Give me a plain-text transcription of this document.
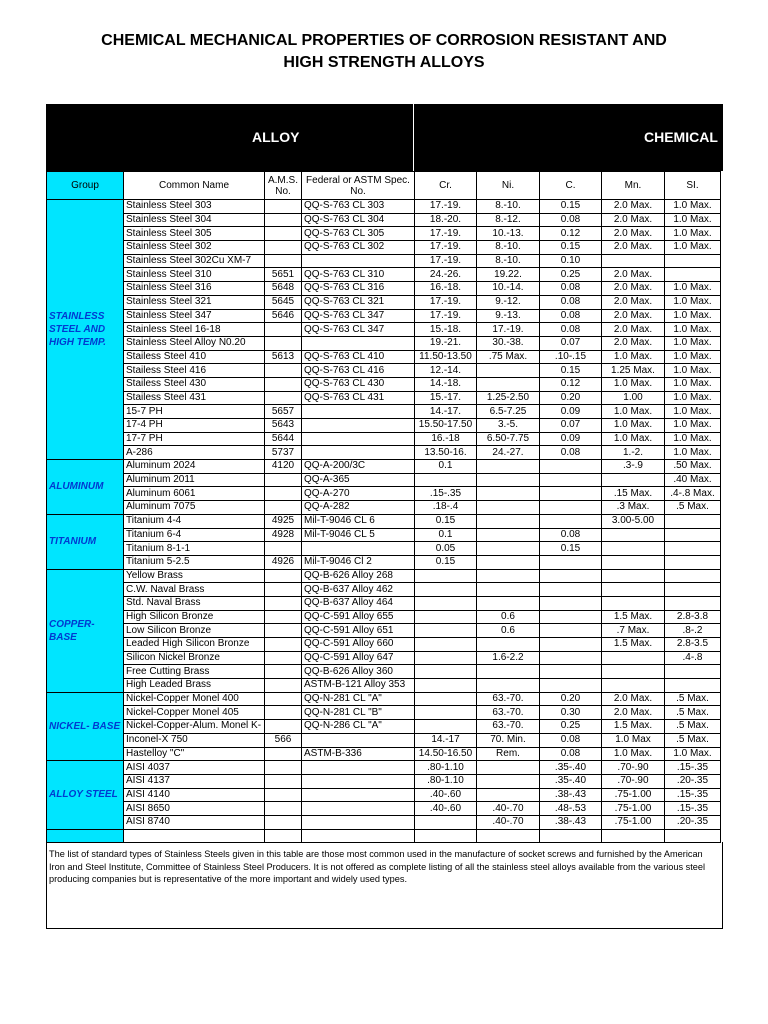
CHEMICAL MECHANICAL PROPERTIES OF CORROSION RESISTANT AND
HIGH STRENGTH ALLOYS
ALLOY	CHEMICAL
Group	Common Name	A.M.S. No.	Federal or ASTM Spec. No.	Cr.	Ni.	C.	Mn.	SI.
STAINLESS STEEL AND HIGH TEMP.	Stainless Steel 303		QQ-S-763 CL 303	17.-19.	8.-10.	0.15	2.0 Max.	1.0 Max.
	Stainless Steel 304		QQ-S-763 CL 304	18.-20.	8.-12.	0.08	2.0 Max.	1.0 Max.
	Stainless Steel 305		QQ-S-763 CL 305	17.-19.	10.-13.	0.12	2.0 Max.	1.0 Max.
	Stainless Steel 302		QQ-S-763 CL 302	17.-19.	8.-10.	0.15	2.0 Max.	1.0 Max.
	Stainless Steel 302Cu XM-7			17.-19.	8.-10.	0.10		
	Stainless Steel 310	5651	QQ-S-763 CL 310	24.-26.	19.22.	0.25	2.0 Max.	
	Stainless Steel 316	5648	QQ-S-763 CL 316	16.-18.	10.-14.	0.08	2.0 Max.	1.0 Max.
	Stainless Steel 321	5645	QQ-S-763 CL 321	17.-19.	9.-12.	0.08	2.0 Max.	1.0 Max.
	Stainless Steel 347	5646	QQ-S-763 CL 347	17.-19.	9.-13.	0.08	2.0 Max.	1.0 Max.
	Stainless Steel 16-18		QQ-S-763 CL 347	15.-18.	17.-19.	0.08	2.0 Max.	1.0 Max.
	Stainless Steel Alloy N0.20			19.-21.	30.-38.	0.07	2.0 Max.	1.0 Max.
	Stailess Steel 410	5613	QQ-S-763 CL 410	11.50-13.50	.75 Max.	.10-.15	1.0 Max.	1.0 Max.
	Stailess Steel 416		QQ-S-763 CL 416	12.-14.		0.15	1.25 Max.	1.0 Max.
	Stailess Steel 430		QQ-S-763 CL 430	14.-18.		0.12	1.0 Max.	1.0 Max.
	Stailess Steel 431		QQ-S-763 CL 431	15.-17.	1.25-2.50	0.20	1.00	1.0 Max.
	15-7 PH	5657		14.-17.	6.5-7.25	0.09	1.0 Max.	1.0 Max.
	17-4 PH	5643		15.50-17.50	3.-5.	0.07	1.0 Max.	1.0 Max.
	17-7 PH	5644		16.-18	6.50-7.75	0.09	1.0 Max.	1.0 Max.
	A-286	5737		13.50-16.	24.-27.	0.08	1.-2.	1.0 Max.
ALUMINUM	Aluminum 2024	4120	QQ-A-200/3C	0.1			.3-.9	.50 Max.
	Aluminum 2011		QQ-A-365					.40 Max.
	Aluminum 6061		QQ-A-270	.15-.35			.15 Max.	.4-.8 Max.
	Aluminum 7075		QQ-A-282	.18-.4			.3 Max.	.5 Max.
TITANIUM	Titanium 4-4	4925	Mil-T-9046 CL 6	0.15			3.00-5.00	
	Titanium 6-4	4928	Mil-T-9046 CL 5	0.1		0.08		
	Titanium 8-1-1			0.05		0.15		
	Titanium 5-2.5	4926	Mil-T-9046 Cl 2	0.15				
COPPER-BASE	Yellow Brass		QQ-B-626 Alloy 268					
	C.W. Naval Brass		QQ-B-637 Alloy 462					
	Std. Naval Brass		QQ-B-637 Alloy 464					
	High Silicon Bronze		QQ-C-591 Alloy 655		0.6		1.5 Max.	2.8-3.8
	Low Silicon Bronze		QQ-C-591 Alloy 651		0.6		.7 Max.	.8-.2
	Leaded High Silicon Bronze		QQ-C-591 Alloy 660				1.5 Max.	2.8-3.5
	Silicon Nickel Bronze		QQ-C-591 Alloy 647		1.6-2.2			.4-.8
	Free Cutting Brass		QQ-B-626 Alloy 360					
	High Leaded Brass		ASTM-B-121 Alloy 353					
NICKEL- BASE	Nickel-Copper Monel 400		QQ-N-281 CL "A"		63.-70.	0.20	2.0 Max.	.5 Max.
	Nickel-Copper Monel 405		QQ-N-281 CL "B"		63.-70.	0.30	2.0 Max.	.5 Max.
	Nickel-Copper-Alum. Monel K-		QQ-N-286 CL "A"		63.-70.	0.25	1.5 Max.	.5 Max.
	Inconel-X 750	566		14.-17	70. Min.	0.08	1.0 Max	.5 Max.
	Hastelloy "C"		ASTM-B-336	14.50-16.50	Rem.	0.08	1.0 Max.	1.0 Max.
ALLOY STEEL	AISI 4037			.80-1.10		.35-.40	.70-.90	.15-.35
	AISI 4137			.80-1.10		.35-.40	.70-.90	.20-.35
	AISI 4140			.40-.60		.38-.43	.75-1.00	.15-.35
	AISI 8650			.40-.60	.40-.70	.48-.53	.75-1.00	.15-.35
	AISI 8740				.40-.70	.38-.43	.75-1.00	.20-.35

The list of standard types of Stainless Steels given in this table are those most common used in the manufacture of socket screws and furnished by the American Iron and Steel Institute, Committee of Stainless Steel Producers. It is not offered as complete listing of all the stainless steel alloys available from the various steel producing companies but is representative of the more important and widely used types.
